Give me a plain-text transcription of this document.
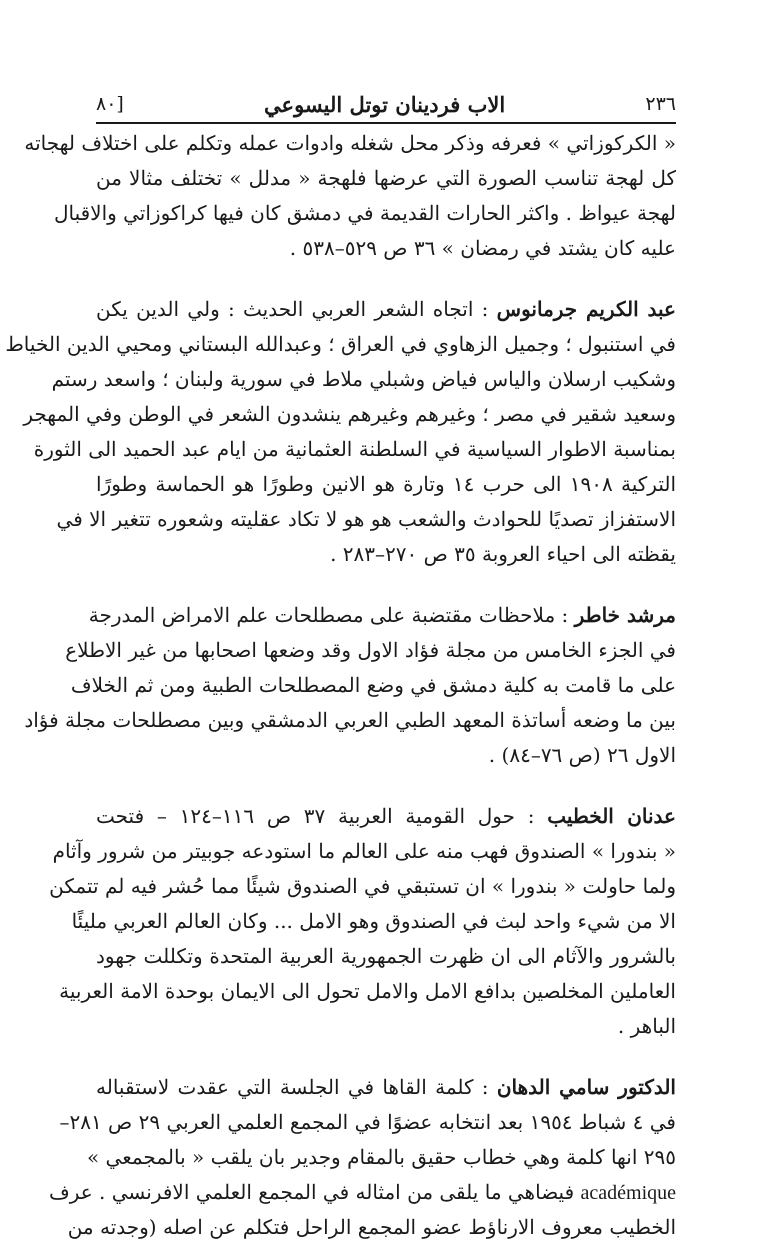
٢٣٦
الاب فردينان توتل اليسوعي
[٨٠
« الكركوزاتي » فعرفه وذكر محل شغله وادوات عمله وتكلم على اختلاف لهجاته
كل لهجة تناسب الصورة التي عرضها فلهجة « مدلل » تختلف مثالا من
لهجة عيواظ . واكثر الحارات القديمة في دمشق كان فيها كراكوزاتي والاقبال
عليه كان يشتد في رمضان » ٣٦ ص ٥٢٩–٥٣٨ .
عبد الكريم جرمانوس : اتجاه الشعر العربي الحديث : ولي الدين يكن
في استنبول ؛ وجميل الزهاوي في العراق ؛ وعبدالله البستاني ومحيي الدين الخياط
وشكيب ارسلان والياس فياض وشبلي ملاط في سورية ولبنان ؛ واسعد رستم
وسعيد شقير في مصر ؛ وغيرهم وغيرهم ينشدون الشعر في الوطن وفي المهجر
بمناسبة الاطوار السياسية في السلطنة العثمانية من ايام عبد الحميد الى الثورة
التركية ١٩٠٨ الى حرب ١٤ وتارة هو الانين وطورًا هو الحماسة وطورًا
الاستفزاز تصديًا للحوادث والشعب هو هو لا تكاد عقليته وشعوره تتغير الا في
يقظته الى احياء العروبة ٣٥ ص ٢٧٠–٢٨٣ .
مرشد خاطر : ملاحظات مقتضبة على مصطلحات علم الامراض المدرجة
في الجزء الخامس من مجلة فؤاد الاول وقد وضعها اصحابها من غير الاطلاع
على ما قامت به كلية دمشق في وضع المصطلحات الطبية ومن ثم الخلاف
بين ما وضعه أساتذة المعهد الطبي العربي الدمشقي وبين مصطلحات مجلة فؤاد
الاول ٢٦ (ص ٧٦–٨٤) .
عدنان الخطيب : حول القومية العربية ٣٧ ص ١١٦–١٢٤ – فتحت
« بندورا » الصندوق فهب منه على العالم ما استودعه جوبيتر من شرور وآثام
ولما حاولت « بندورا » ان تستبقي في الصندوق شيئًا مما حُشر فيه لم تتمكن
الا من شيء واحد لبث في الصندوق وهو الامل ... وكان العالم العربي مليئًا
بالشرور والآثام الى ان ظهرت الجمهورية العربية المتحدة وتكللت جهود
العاملين المخلصين بدافع الامل والامل تحول الى الايمان بوحدة الامة العربية
الباهر .
الدكتور سامي الدهان : كلمة القاها في الجلسة التي عقدت لاستقباله
في ٤ شباط ١٩٥٤ بعد انتخابه عضوًا في المجمع العلمي العربي ٢٩ ص ٢٨١–
٢٩٥ انها كلمة وهي خطاب حقيق بالمقام وجدير بان يلقب « بالمجمعي »
académique فيضاهي ما يلقى من امثاله في المجمع العلمي الافرنسي . عرف
الخطيب معروف الارناؤط عضو المجمع الراحل فتكلم عن اصله (وجدته من
